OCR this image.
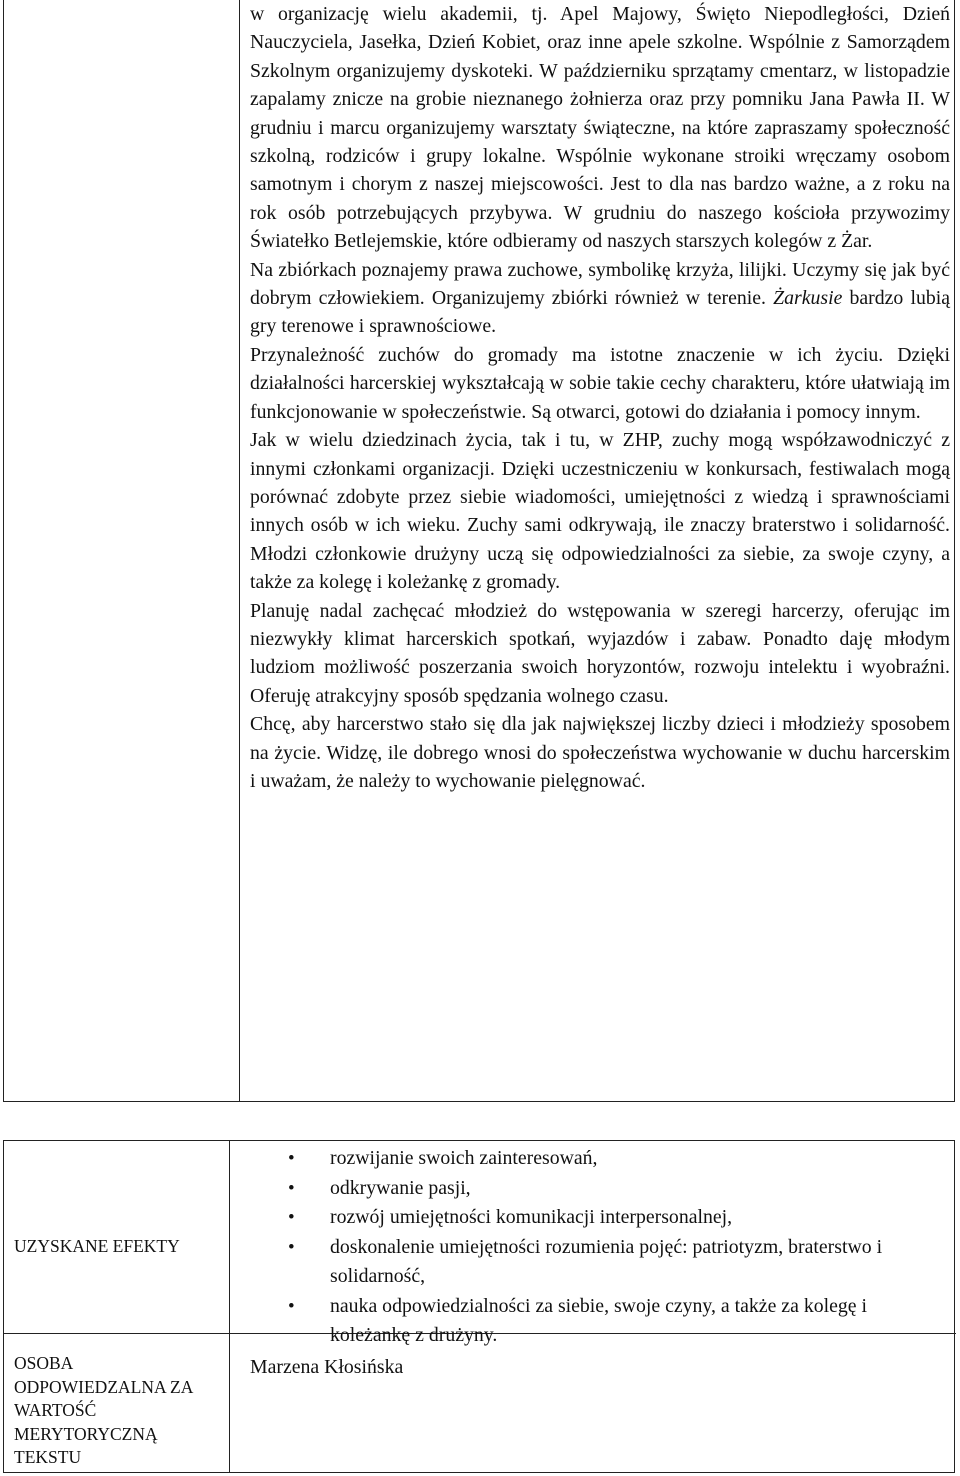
w organizację wielu akademii, tj. Apel Majowy, Święto Niepodległości, Dzień Nauczyciela, Jasełka, Dzień Kobiet, oraz inne apele szkolne. Wspólnie z Samorządem Szkolnym organizujemy dyskoteki. W październiku sprzątamy cmentarz, w listopadzie zapalamy znicze na grobie nieznanego żołnierza oraz przy pomniku Jana Pawła II. W grudniu i marcu organizujemy warsztaty świąteczne, na które zapraszamy społeczność szkolną, rodziców i grupy lokalne. Wspólnie wykonane stroiki wręczamy osobom samotnym i chorym z naszej miejscowości. Jest to dla nas bardzo ważne, a z roku na rok osób potrzebujących przybywa. W grudniu do naszego kościoła przywozimy Światełko Betlejemskie, które odbieramy od naszych starszych kolegów z Żar.

Na zbiórkach poznajemy prawa zuchowe, symbolikę krzyża, lilijki. Uczymy się jak być dobrym człowiekiem. Organizujemy zbiórki również w terenie. Żarkusie bardzo lubią gry terenowe i sprawnościowe.

Przynależność zuchów do gromady ma istotne znaczenie w ich życiu. Dzięki działalności harcerskiej wykształcają w sobie takie cechy charakteru, które ułatwiają im funkcjonowanie w społeczeństwie. Są otwarci, gotowi do działania i pomocy innym.

Jak w wielu dziedzinach życia, tak i tu, w ZHP, zuchy mogą współzawodniczyć z innymi członkami organizacji. Dzięki uczestniczeniu w konkursach, festiwalach mogą porównać zdobyte przez siebie wiadomości, umiejętności z wiedzą i sprawnościami innych osób w ich wieku. Zuchy sami odkrywają, ile znaczy braterstwo i solidarność. Młodzi członkowie drużyny uczą się odpowiedzialności za siebie, za swoje czyny, a także za kolegę i koleżankę z gromady.

Planuję nadal zachęcać młodzież do wstępowania w szeregi harcerzy, oferując im niezwykły klimat harcerskich spotkań, wyjazdów i zabaw. Ponadto daję młodym ludziom możliwość poszerzania swoich horyzontów, rozwoju intelektu i wyobraźni. Oferuję atrakcyjny sposób spędzania wolnego czasu.

Chcę, aby harcerstwo stało się dla jak największej liczby dzieci i młodzieży sposobem na życie. Widzę, ile dobrego wnosi do społeczeństwa wychowanie w duchu harcerskim i uważam, że należy to wychowanie pielęgnować.

UZYSKANE EFEKTY
• rozwijanie swoich zainteresowań,
• odkrywanie pasji,
• rozwój umiejętności komunikacji interpersonalnej,
• doskonalenie umiejętności rozumienia pojęć: patriotyzm, braterstwo i solidarność,
• nauka odpowiedzialności za siebie, swoje czyny, a także za kolegę i koleżankę z drużyny.
OSOBA ODPOWIEDZALNA ZA WARTOŚĆ MERYTORYCZNĄ TEKSTU
Marzena Kłosińska
